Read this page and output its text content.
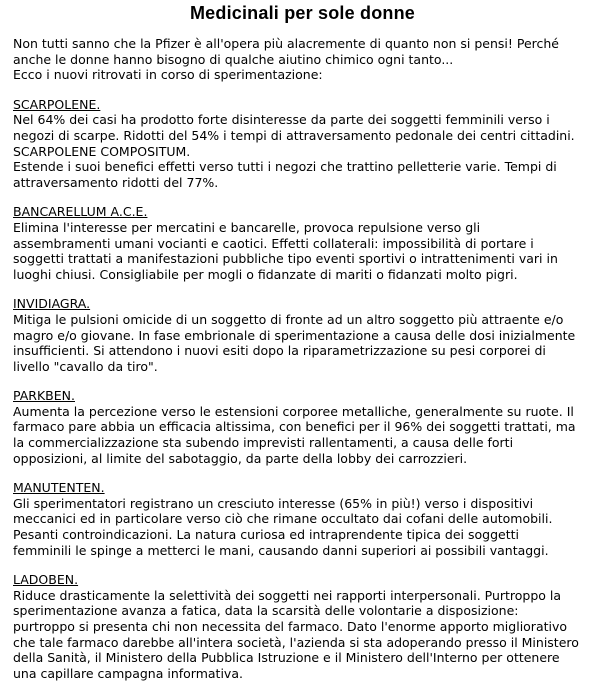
Medicinali per sole donne
Non tutti sanno che la Pfizer è all'opera più alacremente di quanto non si pensi! Perché
anche le donne hanno bisogno di qualche aiutino chimico ogni tanto...
Ecco i nuovi ritrovati in corso di sperimentazione:
SCARPOLENE.
Nel 64% dei casi ha prodotto forte disinteresse da parte dei soggetti femminili verso i
negozi di scarpe. Ridotti del 54% i tempi di attraversamento pedonale dei centri cittadini.
SCARPOLENE COMPOSITUM.
Estende i suoi benefici effetti verso tutti i negozi che trattino pelletterie varie. Tempi di
attraversamento ridotti del 77%.
BANCARELLUM A.C.E.
Elimina l'interesse per mercatini e bancarelle, provoca repulsione verso gli
assembramenti umani vocianti e caotici. Effetti collaterali: impossibilità di portare i
soggetti trattati a manifestazioni pubbliche tipo eventi sportivi o intrattenimenti vari in
luoghi chiusi. Consigliabile per mogli o fidanzate di mariti o fidanzati molto pigri.
INVIDIAGRA.
Mitiga le pulsioni omicide di un soggetto di fronte ad un altro soggetto più attraente e/o
magro e/o giovane. In fase embrionale di sperimentazione a causa delle dosi inizialmente
insufficienti. Si attendono i nuovi esiti dopo la riparametrizzazione su pesi corporei di
livello "cavallo da tiro".
PARKBEN.
Aumenta la percezione verso le estensioni corporee metalliche, generalmente su ruote. Il
farmaco pare abbia un efficacia altissima, con benefici per il 96% dei soggetti trattati, ma
la commercializzazione sta subendo imprevisti rallentamenti, a causa delle forti
opposizioni, al limite del sabotaggio, da parte della lobby dei carrozzieri.
MANUTENTEN.
Gli sperimentatori registrano un cresciuto interesse (65% in più!) verso i dispositivi
meccanici ed in particolare verso ciò che rimane occultato dai cofani delle automobili.
Pesanti controindicazioni. La natura curiosa ed intraprendente tipica dei soggetti
femminili le spinge a metterci le mani, causando danni superiori ai possibili vantaggi.
LADOBEN.
Riduce drasticamente la selettività dei soggetti nei rapporti interpersonali. Purtroppo la
sperimentazione avanza a fatica, data la scarsità delle volontarie a disposizione:
purtroppo si presenta chi non necessita del farmaco. Dato l'enorme apporto migliorativo
che tale farmaco darebbe all'intera società, l'azienda si sta adoperando presso il Ministero
della Sanità, il Ministero della Pubblica Istruzione e il Ministero dell'Interno per ottenere
una capillare campagna informativa.
